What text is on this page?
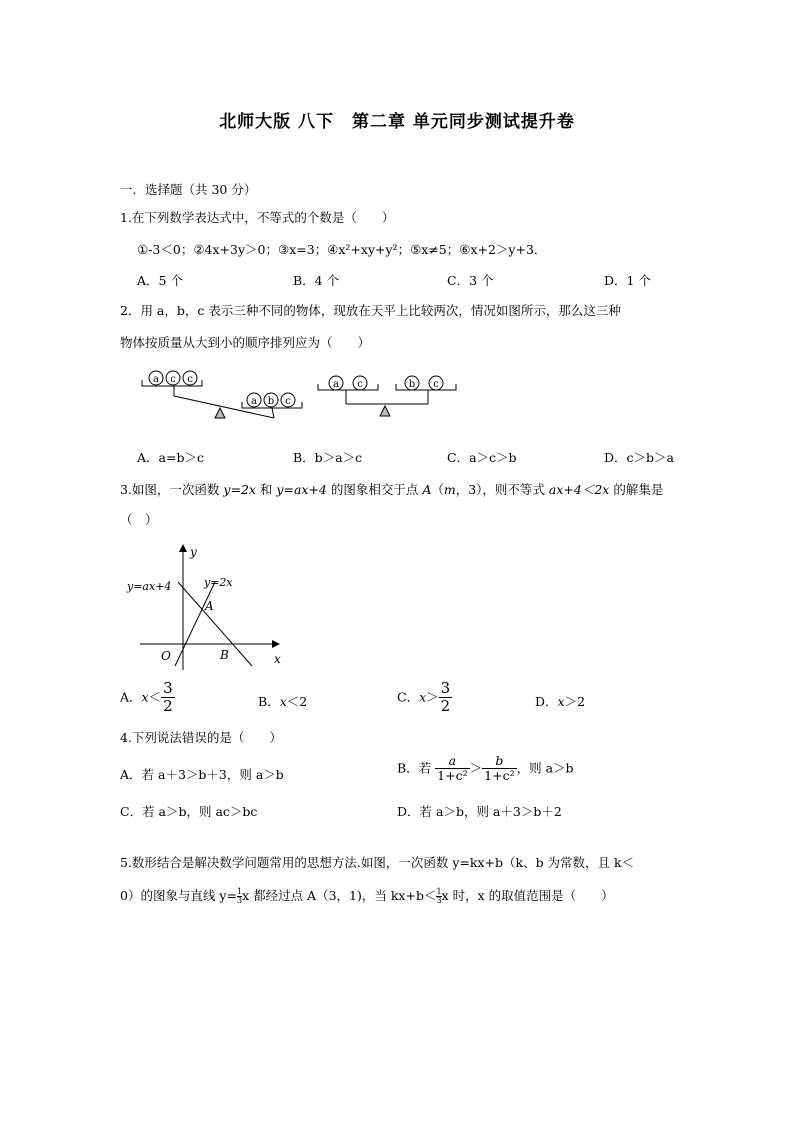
北师大版 八下　第二章 单元同步测试提升卷
一．选择题（共 30 分）
1.在下列数学表达式中，不等式的个数是（　　）
①-3＜0；②4x+3y＞0；③x=3；④x²+xy+y²；⑤x≠5；⑥x+2＞y+3．
A．5 个	B．4 个	C．3 个	D．1 个
2．用 a，b，c 表示三种不同的物体，现放在天平上比较两次，情况如图所示，那么这三种
物体按质量从大到小的顺序排列应为（　　）
a c c
a b c
a c	b c
A．a=b＞c	B．b＞a＞c	C．a＞c＞b	D．c＞b＞a
3.如图，一次函数 y=2x 和 y=ax+4 的图象相交于点 A（m，3），则不等式 ax+4＜2x 的解集是
（　）
y
x
O
y=ax+4	y=2x
A
B
A．$x< \frac{3}{2}$	B．x＜2	C．$x> \frac{3}{2}$	D．x＞2
4.下列说法错误的是（　　）
A．若 a＋3＞b＋3，则 a＞b	B．若 $\frac{a}{\text{1+c²}} > \frac{b}{\text{1+c²}}$ ，则 a＞b
C．若 a＞b，则 ac＞bc	D．若 a＞b，则 a＋3＞b＋2
5.数形结合是解决数学问题常用的思想方法.如图，一次函数 y=kx+b（k、b 为常数，且 k＜
0）的图象与直线 $y= \frac{1}{3}$ x 都经过点 A（3，1)，当 $kx+b< \frac{1}{3}$ x 时，x 的取值范围是（　　）
